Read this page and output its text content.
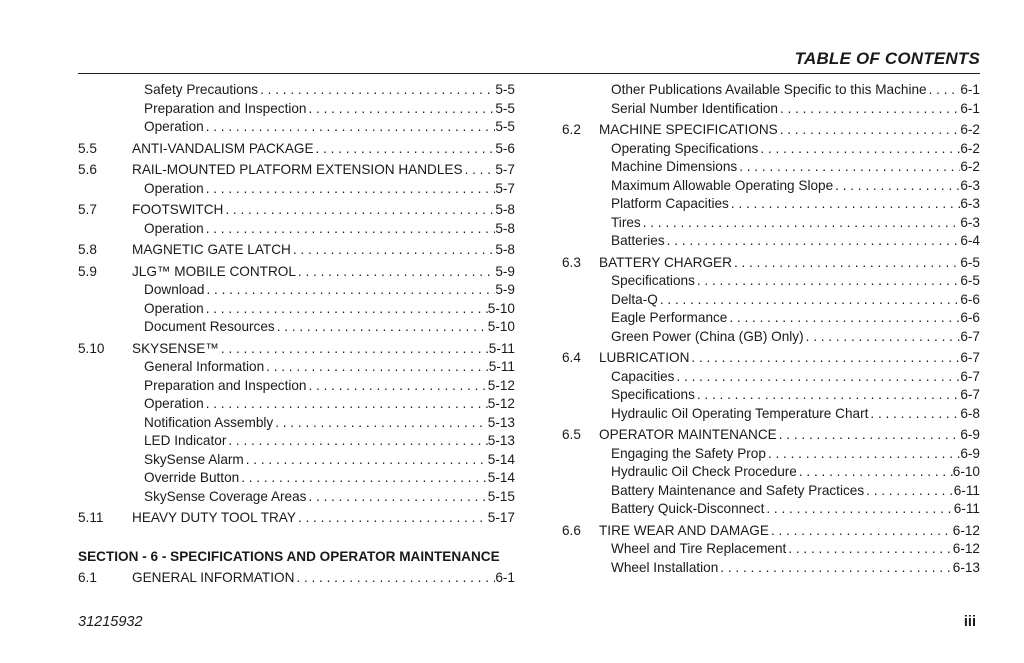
TABLE OF CONTENTS
Safety Precautions . . .	5-5
Preparation and Inspection . . .	5-5
Operation . . .	5-5
5.5	ANTI-VANDALISM PACKAGE . . .	5-6
5.6	RAIL-MOUNTED PLATFORM EXTENSION HANDLES . . . 5-7
Operation . . .	5-7
5.7	FOOTSWITCH . . .	5-8
Operation . . .	5-8
5.8	MAGNETIC GATE LATCH . . .	5-8
5.9	JLG™ MOBILE CONTROL . . .	5-9
Download . . .	5-9
Operation . . .	5-10
Document Resources . . .	5-10
5.10	SKYSENSE™ . . .	5-11
General Information . . .	5-11
Preparation and Inspection . . .	5-12
Operation . . .	5-12
Notification Assembly . . .	5-13
LED Indicator . . .	5-13
SkySense Alarm . . .	5-14
Override Button . . .	5-14
SkySense Coverage Areas . . .	5-15
5.11	HEAVY DUTY TOOL TRAY . . .	5-17
SECTION - 6 - SPECIFICATIONS AND OPERATOR MAINTENANCE
6.1	GENERAL INFORMATION . . .	6-1
Other Publications Available Specific to this Machine . . . 6-1
Serial Number Identification . . .	6-1
6.2	MACHINE SPECIFICATIONS . . .	6-2
Operating Specifications . . .	6-2
Machine Dimensions . . .	6-2
Maximum Allowable Operating Slope . . .	6-3
Platform Capacities . . .	6-3
Tires . . .	6-3
Batteries . . .	6-4
6.3	BATTERY CHARGER . . .	6-5
Specifications . . .	6-5
Delta-Q . . .	6-6
Eagle Performance . . .	6-6
Green Power (China (GB) Only) . . .	6-7
6.4	LUBRICATION . . .	6-7
Capacities . . .	6-7
Specifications . . .	6-7
Hydraulic Oil Operating Temperature Chart . . .	6-8
6.5	OPERATOR MAINTENANCE . . .	6-9
Engaging the Safety Prop . . .	6-9
Hydraulic Oil Check Procedure . . .	6-10
Battery Maintenance and Safety Practices . . .	6-11
Battery Quick-Disconnect . . .	6-11
6.6	TIRE WEAR AND DAMAGE . . .	6-12
Wheel and Tire Replacement . . .	6-12
Wheel Installation . . .	6-13
31215932	iii
